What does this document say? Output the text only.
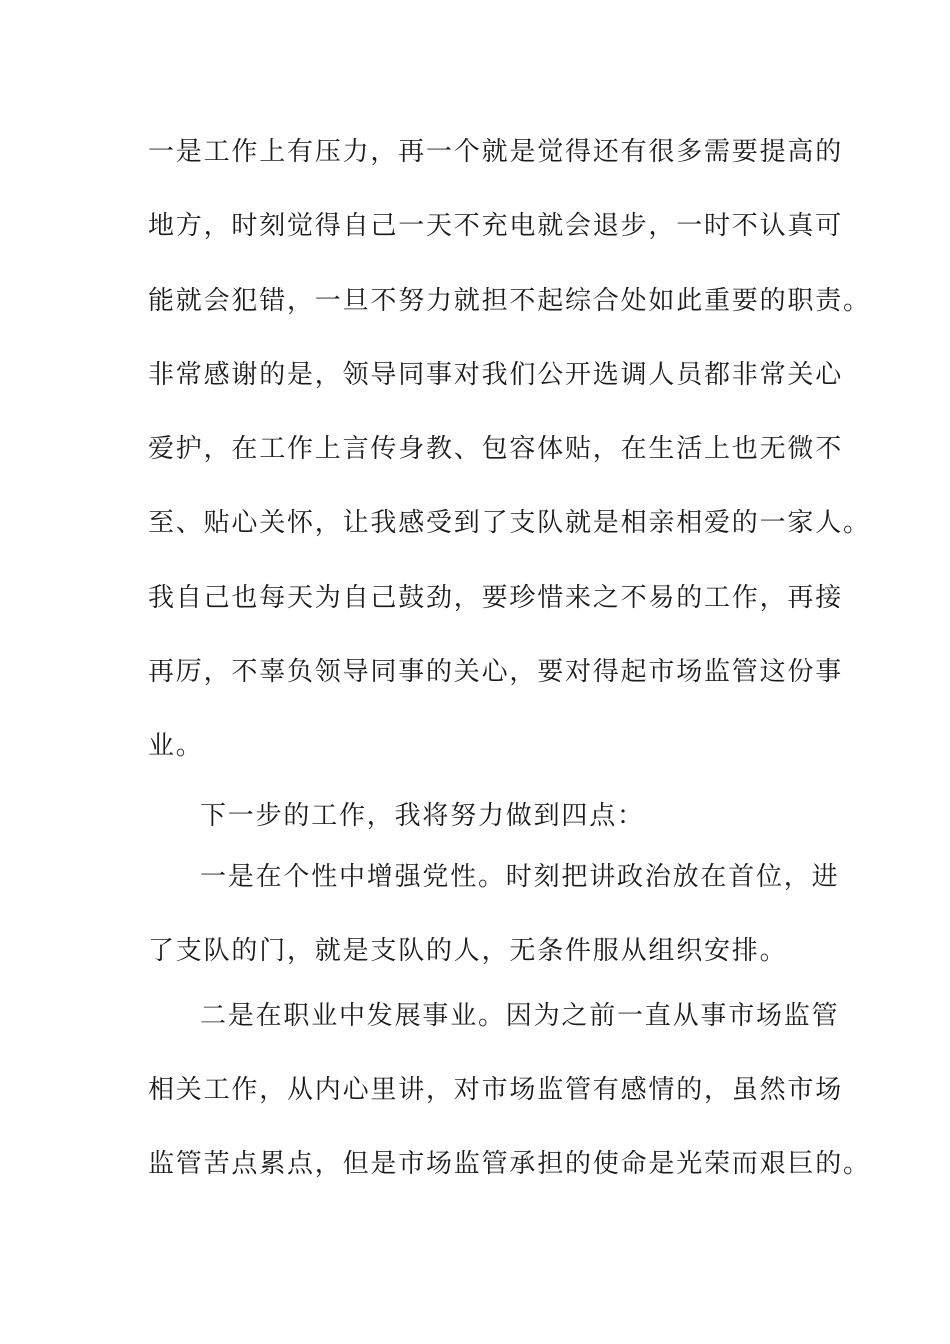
一是工作上有压力，再一个就是觉得还有很多需要提高的
地方，时刻觉得自己一天不充电就会退步，一时不认真可
能就会犯错，一旦不努力就担不起综合处如此重要的职责。
非常感谢的是，领导同事对我们公开选调人员都非常关心
爱护，在工作上言传身教、包容体贴，在生活上也无微不
至、贴心关怀，让我感受到了支队就是相亲相爱的一家人。
我自己也每天为自己鼓劲，要珍惜来之不易的工作，再接
再厉，不辜负领导同事的关心，要对得起市场监管这份事
业。
下一步的工作，我将努力做到四点：
一是在个性中增强党性。时刻把讲政治放在首位，进
了支队的门，就是支队的人，无条件服从组织安排。
二是在职业中发展事业。因为之前一直从事市场监管
相关工作，从内心里讲，对市场监管有感情的，虽然市场
监管苦点累点，但是市场监管承担的使命是光荣而艰巨的。
